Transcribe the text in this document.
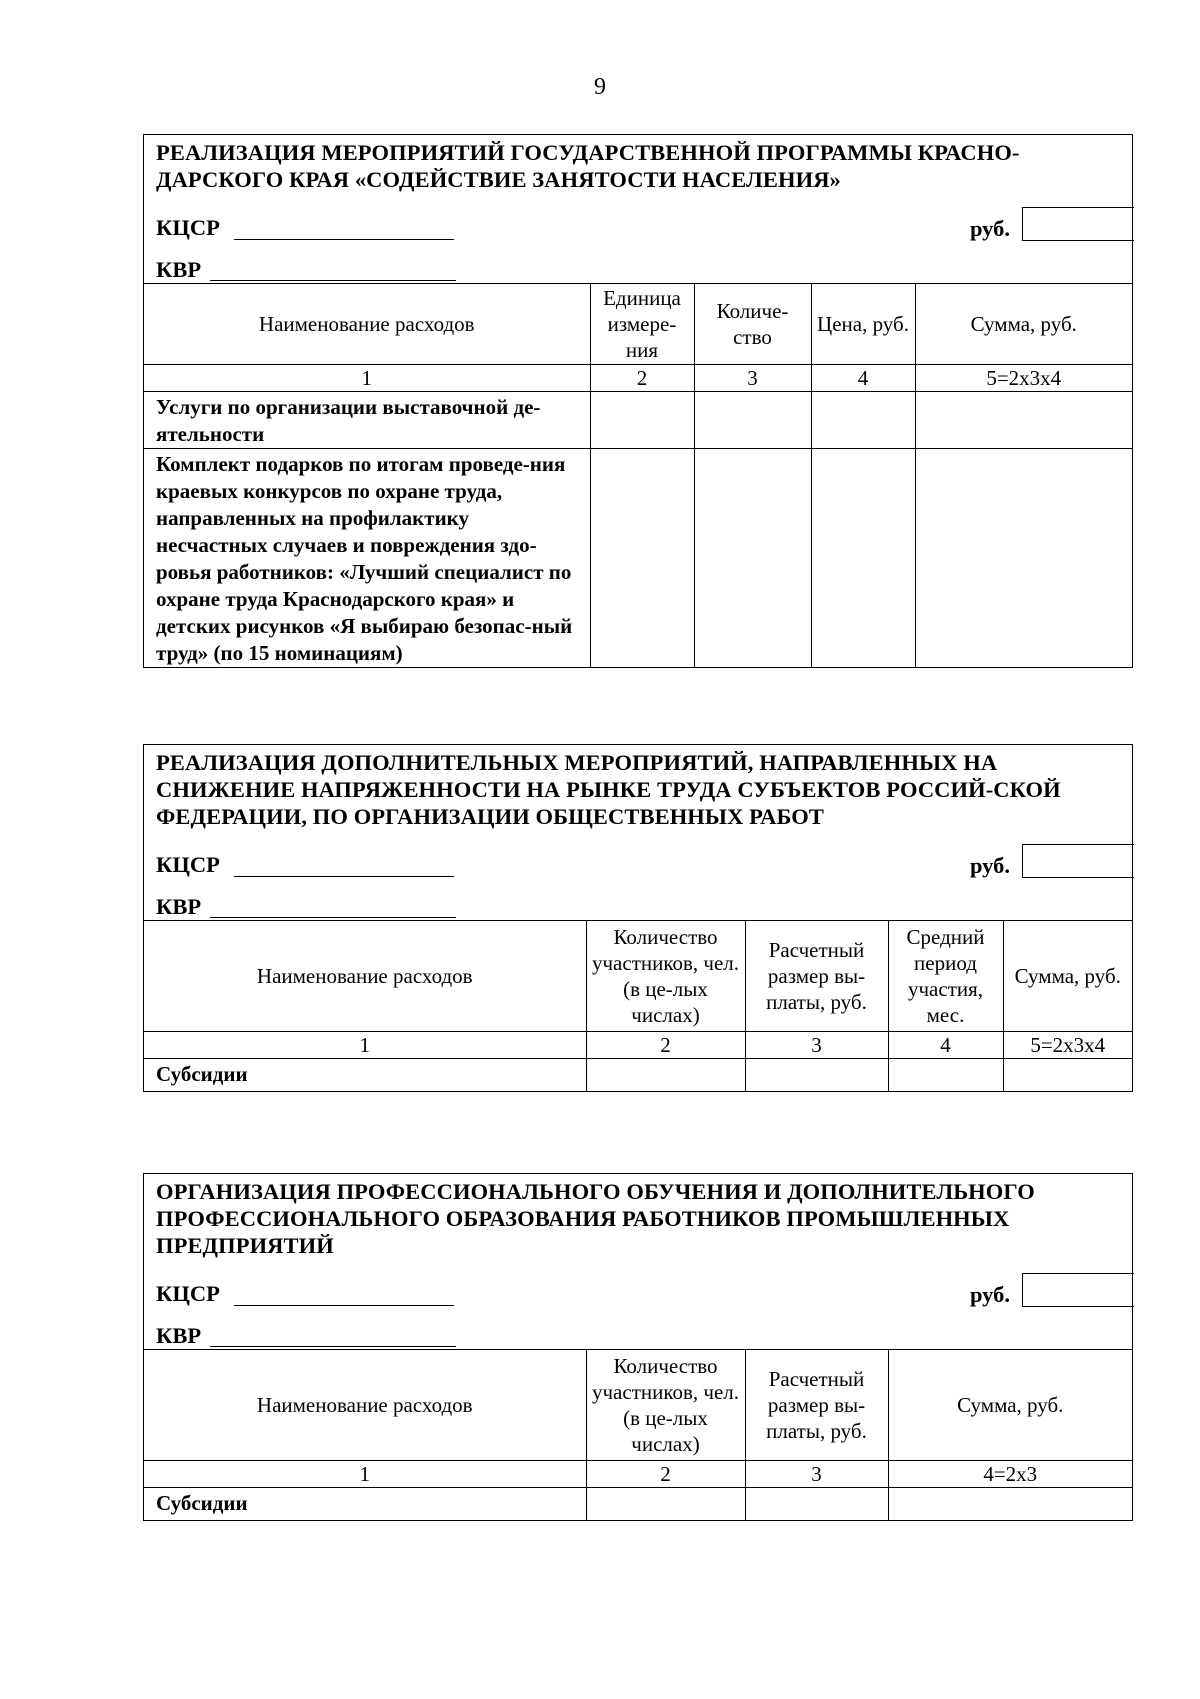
9
РЕАЛИЗАЦИЯ МЕРОПРИЯТИЙ ГОСУДАРСТВЕННОЙ ПРОГРАММЫ КРАСНО-ДАРСКОГО КРАЯ «СОДЕЙСТВИЕ ЗАНЯТОСТИ НАСЕЛЕНИЯ»
КЦСР	руб.
КВР
Наименование расходов	Единица измере-ния	Количе-ство	Цена, руб.	Сумма, руб.
1	2	3	4	5=2x3x4
Услуги по организации выставочной де-ятельности				
Комплект подарков по итогам проведе-ния краевых конкурсов по охране труда, направленных на профилактику несчастных случаев и повреждения здо-ровья работников: «Лучший специалист по охране труда Краснодарского края» и детских рисунков «Я выбираю безопас-ный труд» (по 15 номинациям)				
РЕАЛИЗАЦИЯ ДОПОЛНИТЕЛЬНЫХ МЕРОПРИЯТИЙ, НАПРАВЛЕННЫХ НА СНИЖЕНИЕ НАПРЯЖЕННОСТИ НА РЫНКЕ ТРУДА СУБЪЕКТОВ РОССИЙ-СКОЙ ФЕДЕРАЦИИ, ПО ОРГАНИЗАЦИИ ОБЩЕСТВЕННЫХ РАБОТ
КЦСР	руб.
КВР
Наименование расходов	Количество участников, чел. (в це-лых числах)	Расчетный размер вы-платы, руб.	Средний период участия, мес.	Сумма, руб.
1	2	3	4	5=2x3x4
Субсидии				
ОРГАНИЗАЦИЯ ПРОФЕССИОНАЛЬНОГО ОБУЧЕНИЯ И ДОПОЛНИТЕЛЬНОГО ПРОФЕССИОНАЛЬНОГО ОБРАЗОВАНИЯ РАБОТНИКОВ ПРОМЫШЛЕННЫХ ПРЕДПРИЯТИЙ
КЦСР	руб.
КВР
Наименование расходов	Количество участников, чел. (в це-лых числах)	Расчетный размер вы-платы, руб.	Сумма, руб.
1	2	3	4=2x3
Субсидии			
